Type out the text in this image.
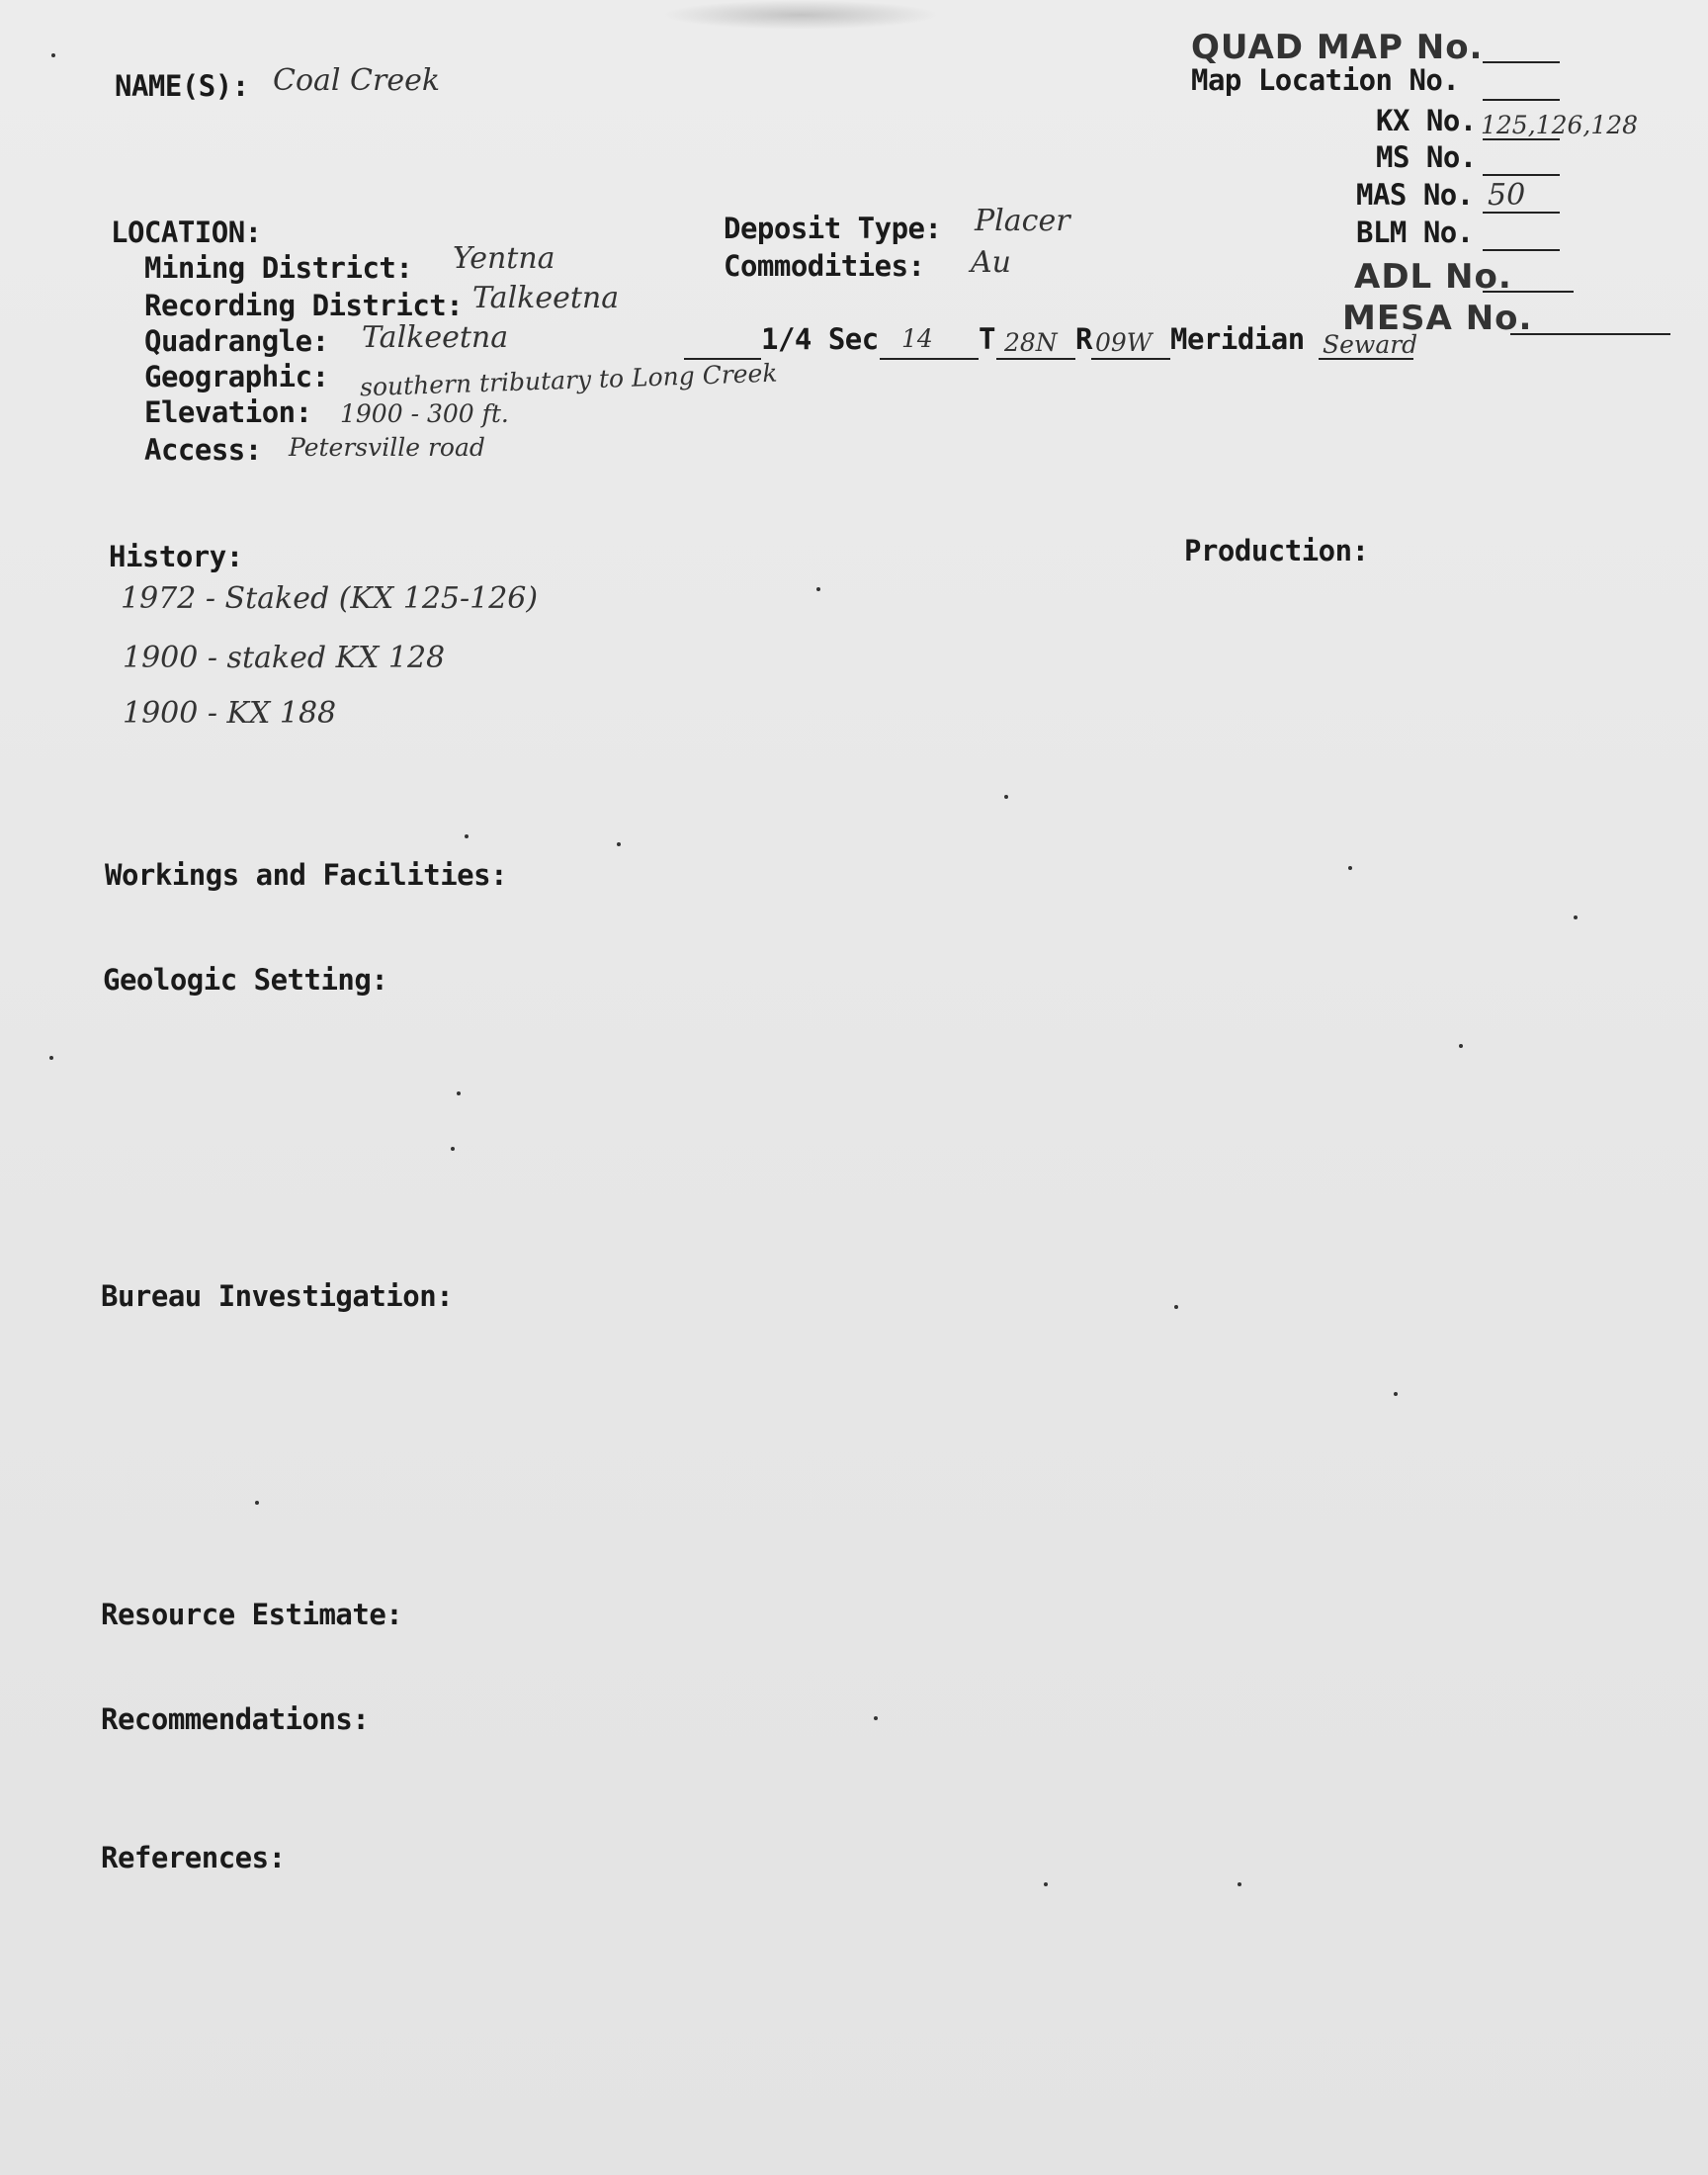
QUAD MAP No.
Map Location No.
KX No. 125,126,128
MS No.
MAS No. 50
BLM No.
ADL No.
MESA No.
NAME(S): Coal Creek
LOCATION:
Mining District: Yentna
Recording District: Talkeetna
Quadrangle: Talkeetna
Geographic: southern tributary to Long Creek
Elevation: 1900 - 300 ft.
Access: Petersville road
Deposit Type: Placer
Commodities: Au
1/4 Sec 14 T 28N R 09W Meridian Seward
History:
1972 - Staked (KX 125-126)
1900 - staked KX 128
1900 - KX 188
Production:
Workings and Facilities:
Geologic Setting:
Bureau Investigation:
Resource Estimate:
Recommendations:
References:
